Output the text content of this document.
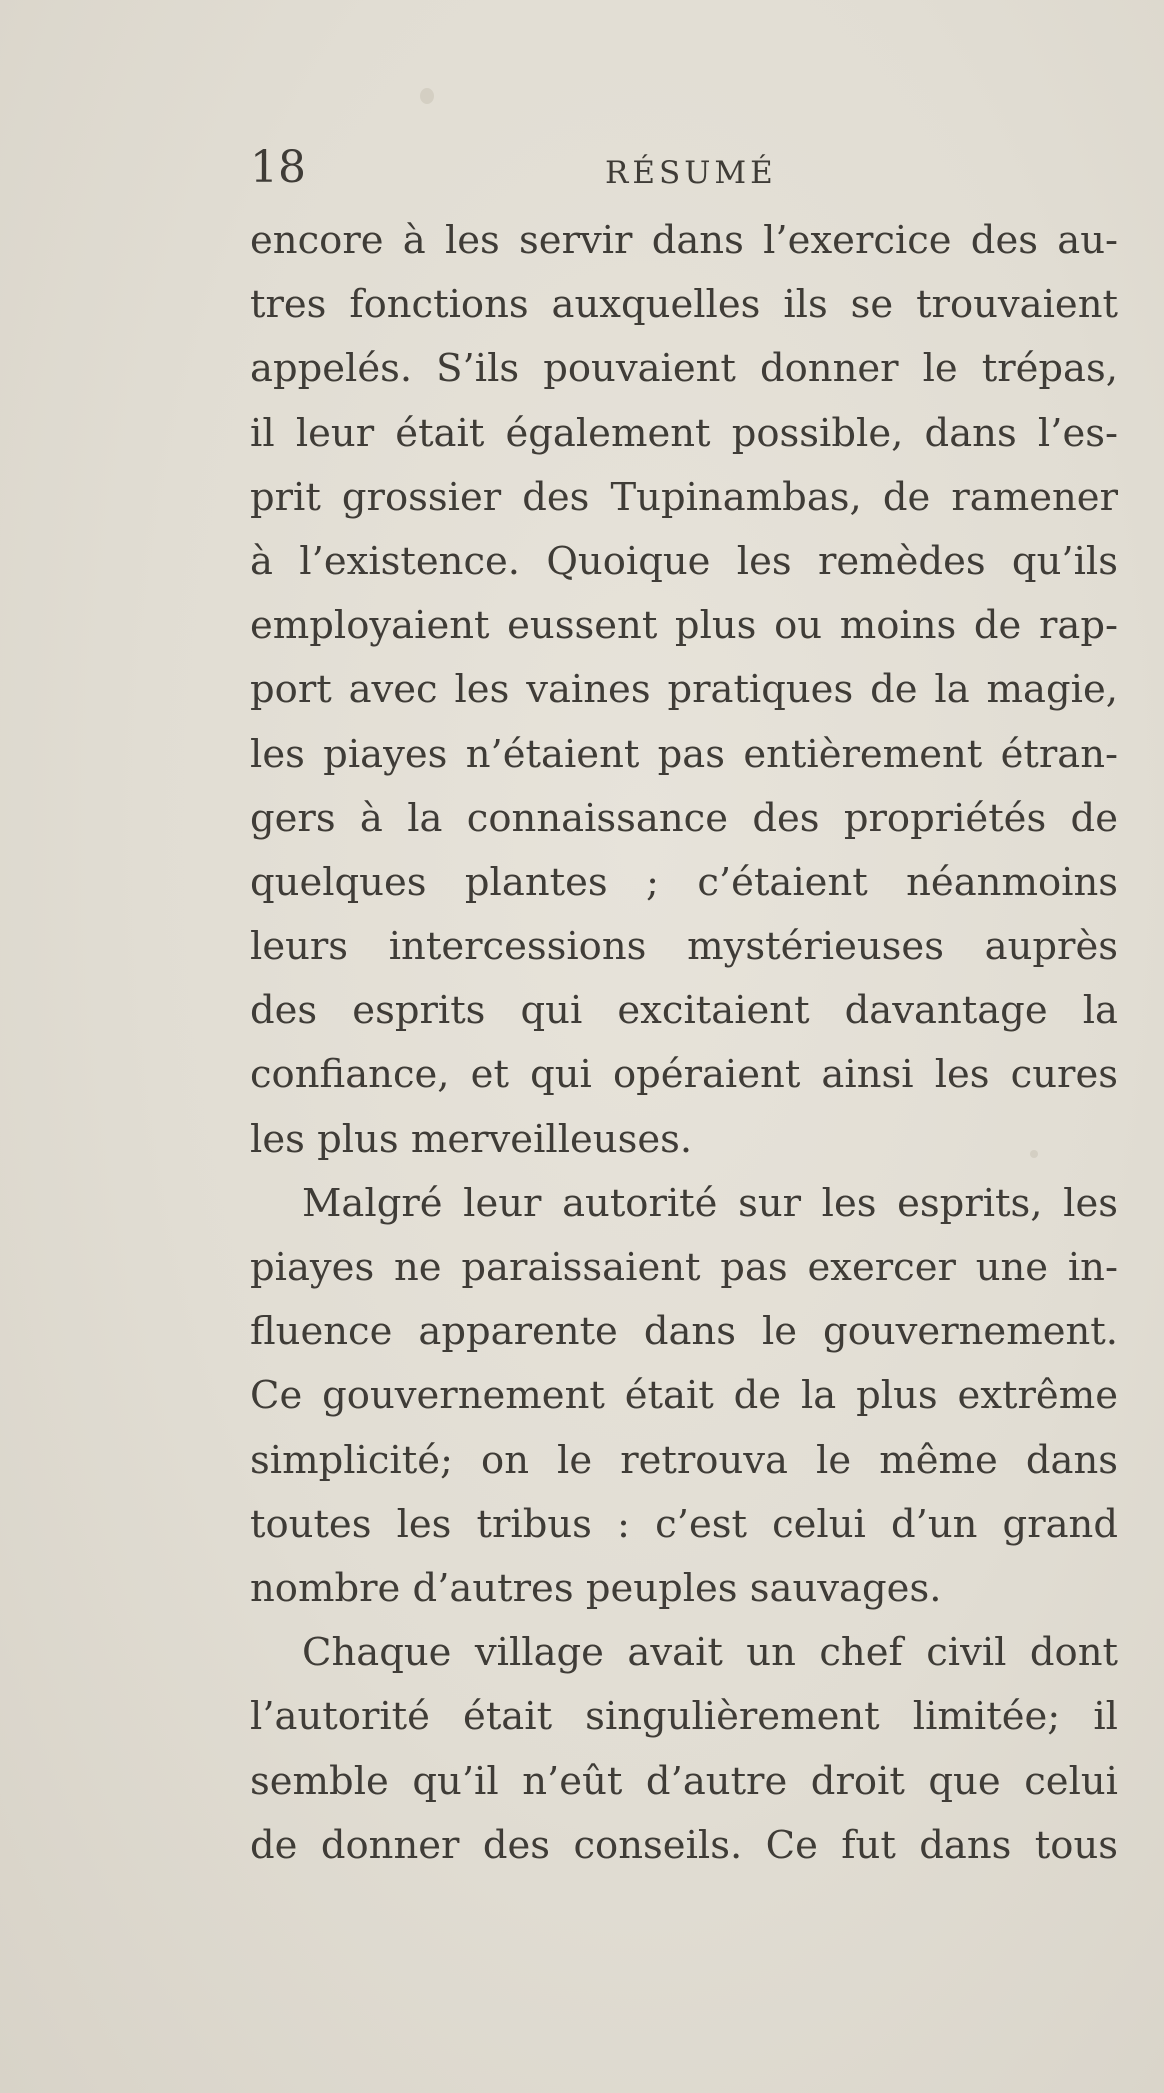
18	RÉSUMÉ
encore à les servir dans l’exercice des au-
tres fonctions auxquelles ils se trouvaient
appelés. S’ils pouvaient donner le trépas,
il leur était également possible, dans l’es-
prit grossier des Tupinambas, de ramener
à l’existence. Quoique les remèdes qu’ils
employaient eussent plus ou moins de rap-
port avec les vaines pratiques de la magie,
les piayes n’étaient pas entièrement étran-
gers à la connaissance des propriétés de
quelques plantes ; c’étaient néanmoins
leurs intercessions mystérieuses auprès
des esprits qui excitaient davantage la
confiance, et qui opéraient ainsi les cures
les plus merveilleuses.
Malgré leur autorité sur les esprits, les
piayes ne paraissaient pas exercer une in-
fluence apparente dans le gouvernement.
Ce gouvernement était de la plus extrême
simplicité; on le retrouva le même dans
toutes les tribus : c’est celui d’un grand
nombre d’autres peuples sauvages.
Chaque village avait un chef civil dont
l’autorité était singulièrement limitée; il
semble qu’il n’eût d’autre droit que celui
de donner des conseils. Ce fut dans tous
